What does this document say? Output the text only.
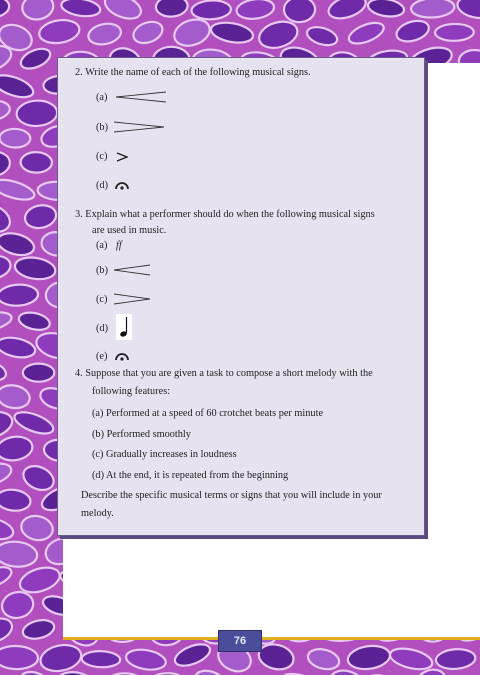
2. Write the name of each of the following musical signs.
(a)
(b)
(c)
(d)
3. Explain what a performer should do when the following musical signs
are used in music.
(a) ff
(b)
(c)
(d)
(e)
4. Suppose that you are given a task to compose a short melody with the
following features:
(a) Performed at a speed of 60 crotchet beats per minute
(b) Performed smoothly
(c) Gradually increases in loudness
(d) At the end, it is repeated from the beginning
Describe the specific musical terms or signs that you will include in your
melody.
76
